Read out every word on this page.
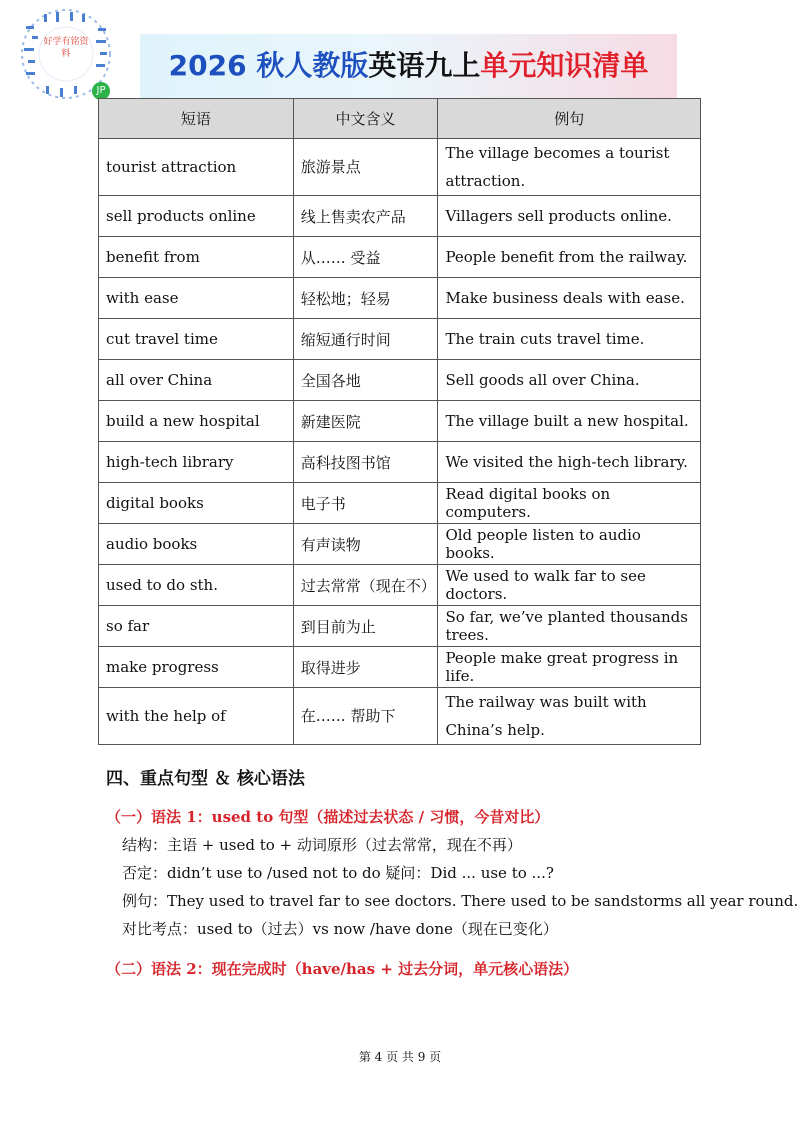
好学有铭资料
JP
2026 秋人教版英语九上单元知识清单
短语	中文含义	例句
tourist attraction	旅游景点	The village becomes a tourist attraction.
sell products online	线上售卖农产品	Villagers sell products online.
benefit from	从…… 受益	People benefit from the railway.
with ease	轻松地；轻易	Make business deals with ease.
cut travel time	缩短通行时间	The train cuts travel time.
all over China	全国各地	Sell goods all over China.
build a new hospital	新建医院	The village built a new hospital.
high-tech library	高科技图书馆	We visited the high-tech library.
digital books	电子书	Read digital books on computers.
audio books	有声读物	Old people listen to audio books.
used to do sth.	过去常常（现在不）	We used to walk far to see doctors.
so far	到目前为止	So far, we’ve planted thousands trees.
make progress	取得进步	People make great progress in life.
with the help of	在…… 帮助下	The railway was built with China’s help.
四、重点句型 ＆ 核心语法
（一）语法 1：used to 句型（描述过去状态 / 习惯，今昔对比）
结构：主语 + used to + 动词原形（过去常常，现在不再）
否定：didn’t use to /used not to do 疑问：Did ... use to ...?
例句：They used to travel far to see doctors. There used to be sandstorms all year round.
对比考点：used to（过去）vs now /have done（现在已变化）
（二）语法 2：现在完成时（have/has + 过去分词，单元核心语法）
第 4 页 共 9 页
